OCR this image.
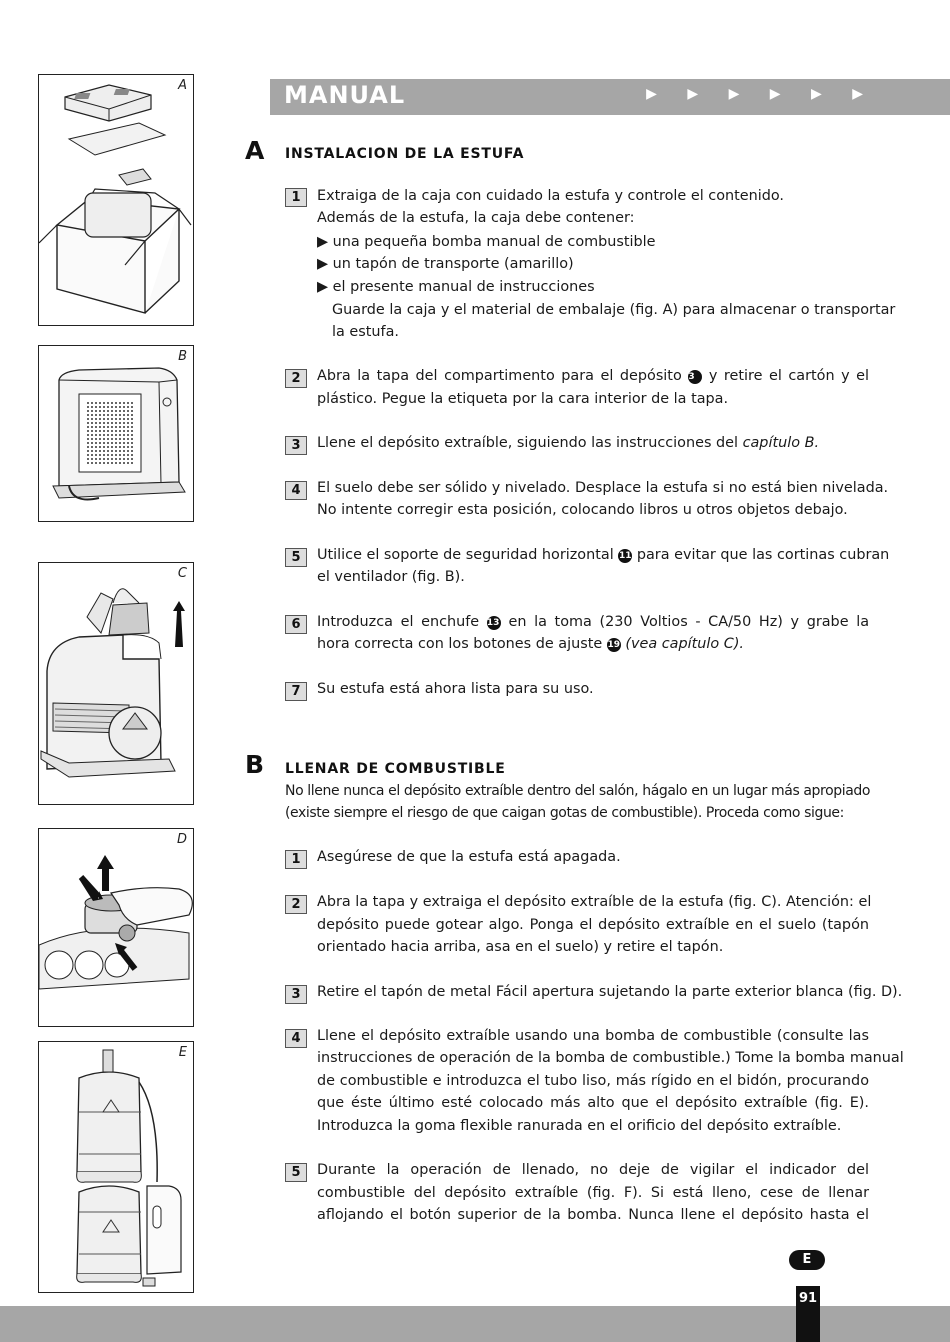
A
B
C
D
E
MANUAL	▶ ▶ ▶ ▶ ▶ ▶
A INSTALACION DE LA ESTUFA
1	Extraiga de la caja con cuidado la estufa y controle el contenido.
Además de la estufa, la caja debe contener:
▶ una pequeña bomba manual de combustible
▶ un tapón de transporte (amarillo)
▶ el presente manual de instrucciones
Guarde la caja y el material de embalaje (fig. A) para almacenar o transportar
la estufa.
2	Abra la tapa del compartimento para el depósito 3 y retire el cartón y el
plástico. Pegue la etiqueta por la cara interior de la tapa.
3	Llene el depósito extraíble, siguiendo las instrucciones del capítulo B.
4	El suelo debe ser sólido y nivelado. Desplace la estufa si no está bien nivelada.
No intente corregir esta posición, colocando libros u otros objetos debajo.
5	Utilice el soporte de seguridad horizontal 11 para evitar que las cortinas cubran
el ventilador (fig. B).
6	Introduzca el enchufe 13 en la toma (230 Voltios - CA/50 Hz) y grabe la
hora correcta con los botones de ajuste 19 (vea capítulo C).
7	Su estufa está ahora lista para su uso.
B LLENAR DE COMBUSTIBLE
No llene nunca el depósito extraíble dentro del salón, hágalo en un lugar más apropiado
(existe siempre el riesgo de que caigan gotas de combustible). Proceda como sigue:
1	Asegúrese de que la estufa está apagada.
2	Abra la tapa y extraiga el depósito extraíble de la estufa (fig. C). Atención: el
depósito puede gotear algo. Ponga el depósito extraíble en el suelo (tapón
orientado hacia arriba, asa en el suelo) y retire el tapón.
3	Retire el tapón de metal Fácil apertura sujetando la parte exterior blanca (fig. D).
4	Llene el depósito extraíble usando una bomba de combustible (consulte las
instrucciones de operación de la bomba de combustible.) Tome la bomba manual
de combustible e introduzca el tubo liso, más rígido en el bidón, procurando
que éste último esté colocado más alto que el depósito extraíble (fig. E).
Introduzca la goma flexible ranurada en el orificio del depósito extraíble.
5	Durante la operación de llenado, no deje de vigilar el indicador del
combustible del depósito extraíble (fig. F). Si está lleno, cese de llenar
aflojando el botón superior de la bomba. Nunca llene el depósito hasta el
E
91
